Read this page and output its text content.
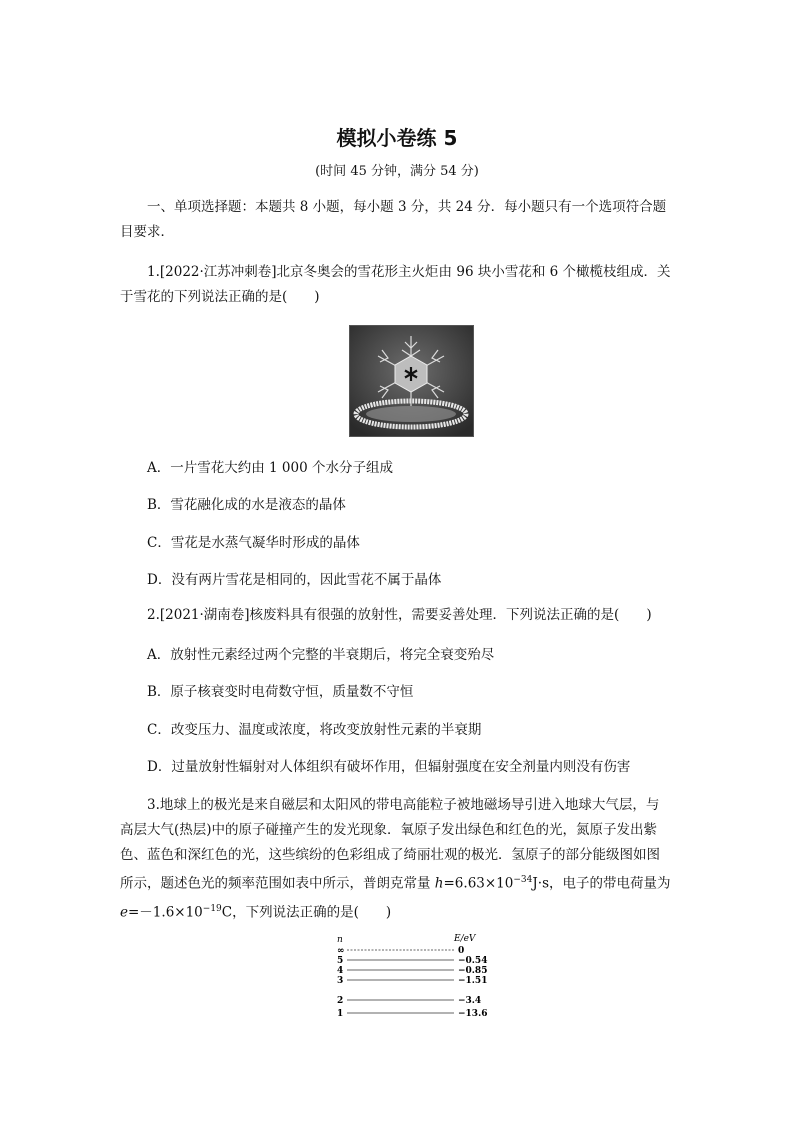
模拟小卷练 5
(时间 45 分钟，满分 54 分)

一、单项选择题：本题共 8 小题，每小题 3 分，共 24 分．每小题只有一个选项符合题
目要求．

1.[2022·江苏冲刺卷]北京冬奥会的雪花形主火炬由 96 块小雪花和 6 个橄榄枝组成．关
于雪花的下列说法正确的是(　　)

A．一片雪花大约由 1 000 个水分子组成

B．雪花融化成的水是液态的晶体

C．雪花是水蒸气凝华时形成的晶体

D．没有两片雪花是相同的，因此雪花不属于晶体

2.[2021·湖南卷]核废料具有很强的放射性，需要妥善处理．下列说法正确的是(　　)

A．放射性元素经过两个完整的半衰期后，将完全衰变殆尽

B．原子核衰变时电荷数守恒，质量数不守恒

C．改变压力、温度或浓度，将改变放射性元素的半衰期

D．过量放射性辐射对人体组织有破坏作用，但辐射强度在安全剂量内则没有伤害

3.地球上的极光是来自磁层和太阳风的带电高能粒子被地磁场导引进入地球大气层，与
高层大气(热层)中的原子碰撞产生的发光现象．氧原子发出绿色和红色的光，氮原子发出紫
色、蓝色和深红色的光，这些缤纷的色彩组成了绮丽壮观的极光．氢原子的部分能级图如图
所示，题述色光的频率范围如表中所示，普朗克常量 $h=6.63\times 10^{-34}J\cdot s$，电子的带电荷量为
$e=-1.6\times 10^{-19}C$，下列说法正确的是(　　)

n	E/eV
∞	0
5	−0.54
4	−0.85
3	−1.51
2	−3.4
1	−13.6
